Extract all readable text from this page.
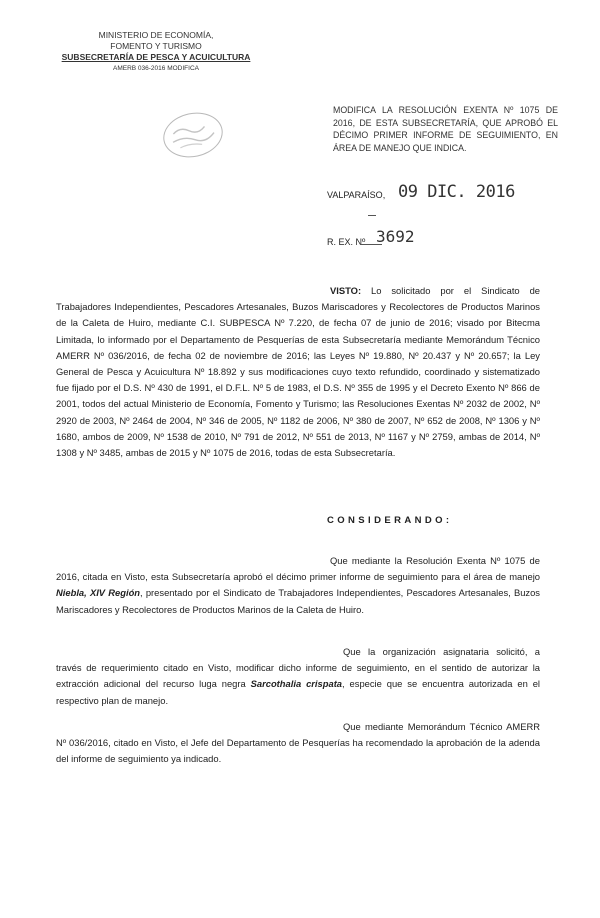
MINISTERIO DE ECONOMÍA,
FOMENTO Y TURISMO
SUBSECRETARÍA DE PESCA Y ACUICULTURA
AMERB 036-2016 MODIFICA
MODIFICA LA RESOLUCIÓN EXENTA Nº 1075 DE 2016, DE ESTA SUBSECRETARÍA, QUE APROBÓ EL DÉCIMO PRIMER INFORME DE SEGUIMIENTO, EN ÁREA DE MANEJO QUE INDICA.
VALPARAÍSO, 09 DIC. 2016
R. EX. Nº 3692
VISTO: Lo solicitado por el Sindicato de Trabajadores Independientes, Pescadores Artesanales, Buzos Mariscadores y Recolectores de Productos Marinos de la Caleta de Huiro, mediante C.I. SUBPESCA Nº 7.220, de fecha 07 de junio de 2016; visado por Bitecma Limitada, lo informado por el Departamento de Pesquerías de esta Subsecretaría mediante Memorándum Técnico AMERR Nº 036/2016, de fecha 02 de noviembre de 2016; las Leyes Nº 19.880, Nº 20.437 y Nº 20.657; la Ley General de Pesca y Acuicultura Nº 18.892 y sus modificaciones cuyo texto refundido, coordinado y sistematizado fue fijado por el D.S. Nº 430 de 1991, el D.F.L. Nº 5 de 1983, el D.S. Nº 355 de 1995 y el Decreto Exento Nº 866 de 2001, todos del actual Ministerio de Economía, Fomento y Turismo; las Resoluciones Exentas Nº 2032 de 2002, Nº 2920 de 2003, Nº 2464 de 2004, Nº 346 de 2005, Nº 1182 de 2006, Nº 380 de 2007, Nº 652 de 2008, Nº 1306 y Nº 1680, ambos de 2009, Nº 1538 de 2010, Nº 791 de 2012, Nº 551 de 2013, Nº 1167 y Nº 2759, ambas de 2014, Nº 1308 y Nº 3485, ambas de 2015 y Nº 1075 de 2016, todas de esta Subsecretaría.
CONSIDERANDO:
Que mediante la Resolución Exenta Nº 1075 de 2016, citada en Visto, esta Subsecretaría aprobó el décimo primer informe de seguimiento para el área de manejo Niebla, XIV Región, presentado por el Sindicato de Trabajadores Independientes, Pescadores Artesanales, Buzos Mariscadores y Recolectores de Productos Marinos de la Caleta de Huiro.
Que la organización asignataria solicitó, a través de requerimiento citado en Visto, modificar dicho informe de seguimiento, en el sentido de autorizar la extracción adicional del recurso luga negra Sarcothalia crispata, especie que se encuentra autorizada en el respectivo plan de manejo.
Que mediante Memorándum Técnico AMERR Nº 036/2016, citado en Visto, el Jefe del Departamento de Pesquerías ha recomendado la aprobación de la adenda del informe de seguimiento ya indicado.
